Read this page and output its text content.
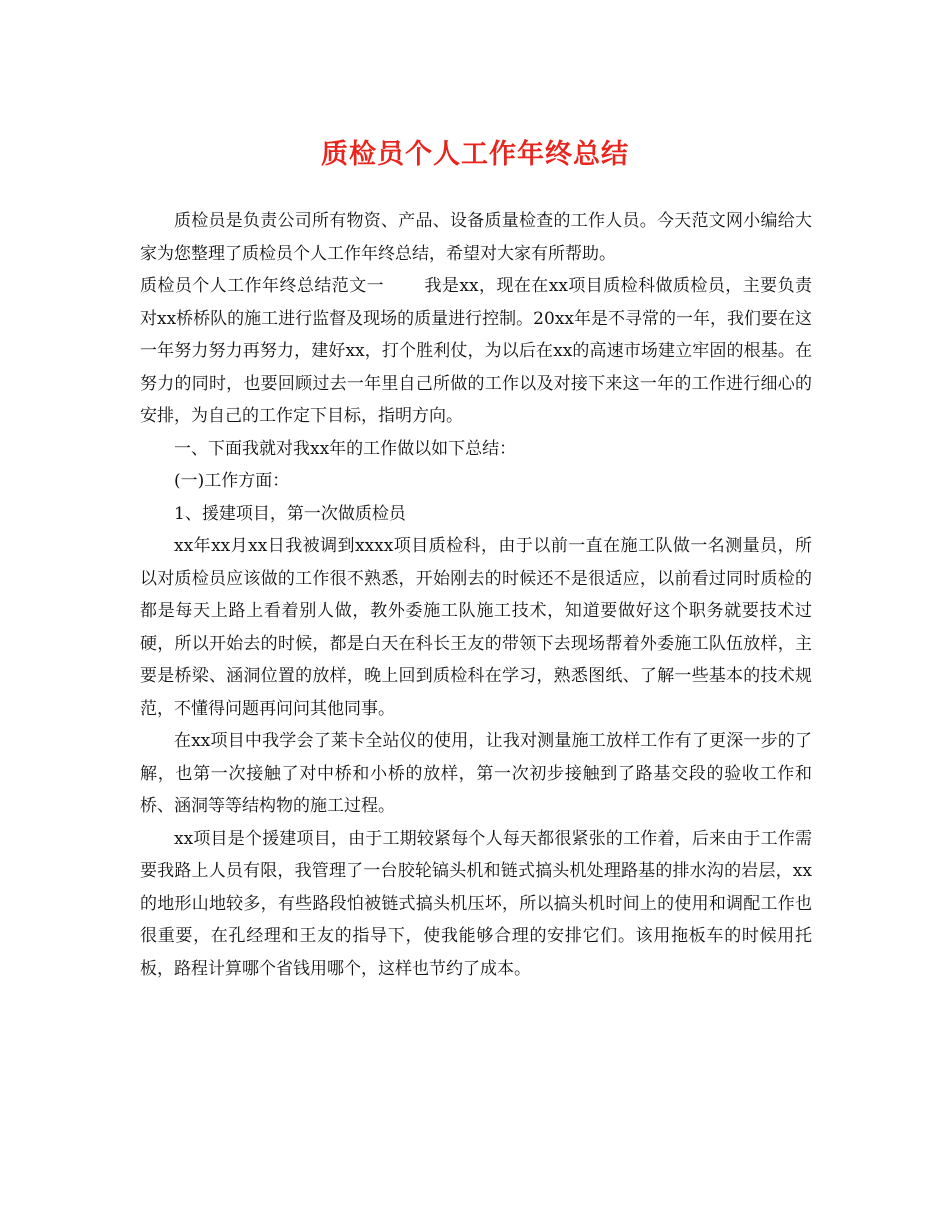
质检员个人工作年终总结

质检员是负责公司所有物资、产品、设备质量检查的工作人员。今天范文网小编给大家为您整理了质检员个人工作年终总结，希望对大家有所帮助。

质检员个人工作年终总结范文一 我是xx，现在在xx项目质检科做质检员，主要负责对xx桥桥队的施工进行监督及现场的质量进行控制。20xx年是不寻常的一年，我们要在这一年努力努力再努力，建好xx，打个胜利仗，为以后在xx的高速市场建立牢固的根基。在努力的同时，也要回顾过去一年里自己所做的工作以及对接下来这一年的工作进行细心的安排，为自己的工作定下目标，指明方向。

一、下面我就对我xx年的工作做以如下总结：

(一)工作方面：

1、援建项目，第一次做质检员

xx年xx月xx日我被调到xxxx项目质检科，由于以前一直在施工队做一名测量员，所以对质检员应该做的工作很不熟悉，开始刚去的时候还不是很适应，以前看过同时质检的都是每天上路上看着别人做，教外委施工队施工技术，知道要做好这个职务就要技术过硬，所以开始去的时候，都是白天在科长王友的带领下去现场帮着外委施工队伍放样，主要是桥梁、涵洞位置的放样，晚上回到质检科在学习，熟悉图纸、了解一些基本的技术规范，不懂得问题再问问其他同事。

在xx项目中我学会了莱卡全站仪的使用，让我对测量施工放样工作有了更深一步的了解，也第一次接触了对中桥和小桥的放样，第一次初步接触到了路基交段的验收工作和桥、涵洞等等结构物的施工过程。

xx项目是个援建项目，由于工期较紧每个人每天都很紧张的工作着，后来由于工作需要我路上人员有限，我管理了一台胶轮镐头机和链式搞头机处理路基的排水沟的岩层，xx的地形山地较多，有些路段怕被链式搞头机压坏，所以搞头机时间上的使用和调配工作也很重要，在孔经理和王友的指导下，使我能够合理的安排它们。该用拖板车的时候用托板，路程计算哪个省钱用哪个，这样也节约了成本。
